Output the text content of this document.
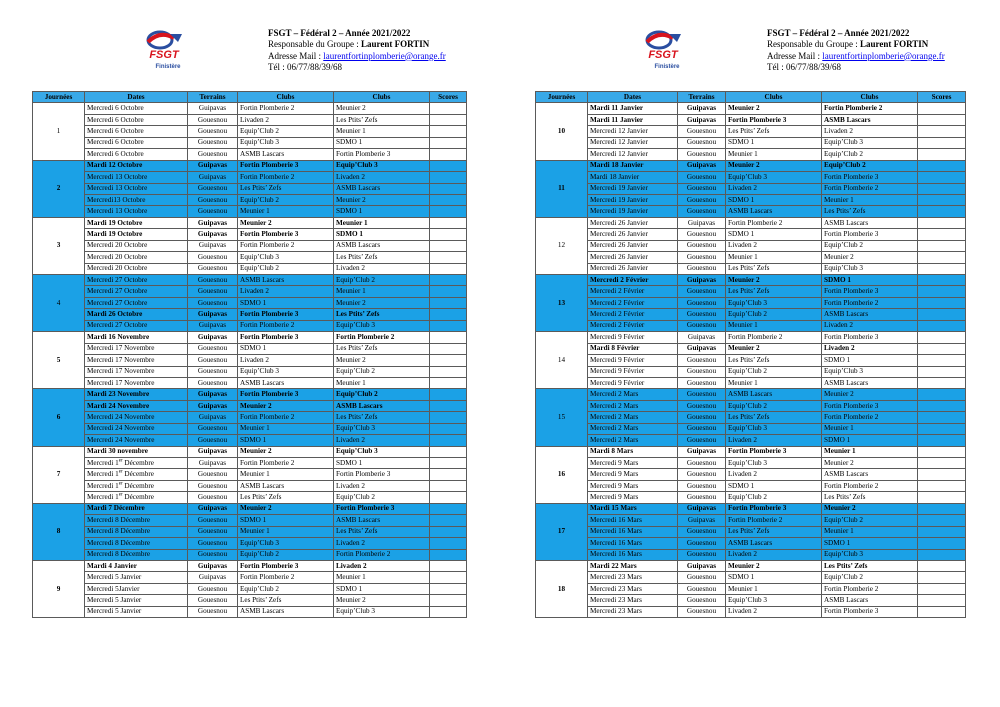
FSGT
Finistère
FSGT – Fédéral 2 – Année 2021/2022
Responsable du Groupe : Laurent FORTIN
Adresse Mail : laurentfortinplomberie@orange.fr
Tél : 06/77/88/39/68
Journées	Dates	Terrains	Clubs	Clubs	Scores
1	Mercredi 6 Octobre	Guipavas	Fortin Plomberie 2	Meunier 2	
	Mercredi 6 Octobre	Gouesnou	Livaden 2	Les Ptits’ Zefs	
	Mercredi 6 Octobre	Gouesnou	Equip’Club 2	Meunier 1	
	Mercredi 6 Octobre	Gouesnou	Equip’Club 3	SDMO 1	
	Mercredi 6 Octobre	Gouesnou	ASMB Lascars	Fortin Plomberie 3	
2	Mardi 12 Octobre	Guipavas	Fortin Plomberie 3	Equip’Club 3	
	Mercredi 13 Octobre	Guipavas	Fortin Plomberie 2	Livaden 2	
	Mercredi 13 Octobre	Gouesnou	Les Ptits’ Zefs	ASMB Lascars	
	Mercredi13 Octobre	Gouesnou	Equip’Club 2	Meunier 2	
	Mercredi 13 Octobre	Gouesnou	Meunier 1	SDMO 1	
3	Mardi 19 Octobre	Guipavas	Meunier 2	Meunier 1	
	Mardi 19 Octobre	Guipavas	Fortin Plomberie 3	SDMO 1	
	Mercredi 20 Octobre	Guipavas	Fortin Plomberie 2	ASMB Lascars	
	Mercredi 20 Octobre	Gouesnou	Equip’Club 3	Les Ptits’ Zefs	
	Mercredi 20 Octobre	Gouesnou	Equip’Club 2	Livaden 2	
4	Mercredi 27 Octobre	Gouesnou	ASMB Lascars	Equip’Club 2	
	Mercredi 27 Octobre	Gouesnou	Livaden 2	Meunier 1	
	Mercredi 27 Octobre	Gouesnou	SDMO 1	Meunier 2	
	Mardi 26 Octobre	Guipavas	Fortin Plomberie 3	Les Ptits’ Zefs	
	Mercredi 27 Octobre	Guipavas	Fortin Plomberie 2	Equip’Club 3	
5	Mardi 16 Novembre	Guipavas	Fortin Plomberie 3	Fortin Plomberie 2	
	Mercredi 17 Novembre	Gouesnou	SDMO 1	Les Ptits’ Zefs	
	Mercredi 17 Novembre	Gouesnou	Livaden 2	Meunier 2	
	Mercredi 17 Novembre	Gouesnou	Equip’Club 3	Equip’Club 2	
	Mercredi 17 Novembre	Gouesnou	ASMB Lascars	Meunier 1	
6	Mardi 23 Novembre	Guipavas	Fortin Plomberie 3	Equip’Club 2	
	Mardi 24 Novembre	Guipavas	Meunier 2	ASMB Lascars	
	Mercredi 24 Novembre	Guipavas	Fortin Plomberie 2	Les Ptits’ Zefs	
	Mercredi 24 Novembre	Gouesnou	Meunier 1	Equip’Club 3	
	Mercredi 24 Novembre	Gouesnou	SDMO 1	Livaden 2	
7	Mardi 30 novembre	Guipavas	Meunier 2	Equip’Club 3	
	Mercredi 1er Décembre	Guipavas	Fortin Plomberie 2	SDMO 1	
	Mercredi 1er Décembre	Gouesnou	Meunier 1	Fortin Plomberie 3	
	Mercredi 1er Décembre	Gouesnou	ASMB Lascars	Livaden 2	
	Mercredi 1er Décembre	Gouesnou	Les Ptits’ Zefs	Equip’Club 2	
8	Mardi 7 Décembre	Guipavas	Meunier 2	Fortin Plomberie 3	
	Mercredi 8 Décembre	Gouesnou	SDMO 1	ASMB Lascars	
	Mercredi 8 Décembre	Gouesnou	Meunier 1	Les Ptits’ Zefs	
	Mercredi 8 Décembre	Gouesnou	Equip’Club 3	Livaden 2	
	Mercredi 8 Décembre	Gouesnou	Equip’Club 2	Fortin Plomberie 2	
9	Mardi 4 Janvier	Guipavas	Fortin Plomberie 3	Livaden 2	
	Mercredi 5 Janvier	Guipavas	Fortin Plomberie 2	Meunier 1	
	Mercredi 5Janvier	Gouesnou	Equip’Club 2	SDMO 1	
	Mercredi 5 Janvier	Gouesnou	Les Ptits’ Zefs	Meunier 2	
	Mercredi 5 Janvier	Gouesnou	ASMB Lascars	Equip’Club 3	
FSGT
Finistère
FSGT – Fédéral 2 – Année 2021/2022
Responsable du Groupe : Laurent FORTIN
Adresse Mail : laurentfortinplomberie@orange.fr
Tél : 06/77/88/39/68
Journées	Dates	Terrains	Clubs	Clubs	Scores
10	Mardi 11 Janvier	Guipavas	Meunier 2	Fortin Plomberie 2	
	Mardi 11 Janvier	Guipavas	Fortin Plomberie 3	ASMB Lascars	
	Mercredi 12 Janvier	Gouesnou	Les Ptits’ Zefs	Livaden 2	
	Mercredi 12 Janvier	Gouesnou	SDMO 1	Equip’Club 3	
	Mercredi 12 Janvier	Gouesnou	Meunier 1	Equip’Club 2	
11	Mardi 18 Janvier	Guipavas	Meunier 2	Equip’Club 2	
	Mardi 18 Janvier	Gouesnou	Equip’Club 3	Fortin Plomberie 3	
	Mercredi 19 Janvier	Gouesnou	Livaden 2	Fortin Plomberie 2	
	Mercredi 19 Janvier	Gouesnou	SDMO 1	Meunier 1	
	Mercredi 19 Janvier	Gouesnou	ASMB Lascars	Les Ptits’ Zefs	
12	Mercredi 26 Janvier	Guipavas	Fortin Plomberie 2	ASMB Lascars	
	Mercredi 26 Janvier	Gouesnou	SDMO 1	Fortin Plomberie 3	
	Mercredi 26 Janvier	Gouesnou	Livaden 2	Equip’Club 2	
	Mercredi 26 Janvier	Gouesnou	Meunier 1	Meunier 2	
	Mercredi 26 Janvier	Gouesnou	Les Ptits’ Zefs	Equip’Club 3	
13	Mercredi 2 Février	Guipavas	Meunier 2	SDMO 1	
	Mercredi 2 Février	Gouesnou	Les Ptits’ Zefs	Fortin Plomberie 3	
	Mercredi 2 Février	Gouesnou	Equip’Club 3	Fortin Plomberie 2	
	Mercredi 2 Février	Gouesnou	Equip’Club 2	ASMB Lascars	
	Mercredi 2 Février	Gouesnou	Meunier 1	Livaden 2	
14	Mercredi 9 Février	Guipavas	Fortin Plomberie 2	Fortin Plomberie 3	
	Mardi 8 Février	Guipavas	Meunier 2	Livaden 2	
	Mercredi 9 Février	Gouesnou	Les Ptits’ Zefs	SDMO 1	
	Mercredi 9 Février	Gouesnou	Equip’Club 2	Equip’Club 3	
	Mercredi 9 Février	Gouesnou	Meunier 1	ASMB Lascars	
15	Mercredi 2 Mars	Gouesnou	ASMB Lascars	Meunier 2	
	Mercredi 2 Mars	Gouesnou	Equip’Club 2	Fortin Plomberie 3	
	Mercredi 2 Mars	Gouesnou	Les Ptits’ Zefs	Fortin Plomberie 2	
	Mercredi 2 Mars	Gouesnou	Equip’Club 3	Meunier 1	
	Mercredi 2 Mars	Gouesnou	Livaden 2	SDMO 1	
16	Mardi 8 Mars	Guipavas	Fortin Plomberie 3	Meunier 1	
	Mercredi 9 Mars	Gouesnou	Equip’Club 3	Meunier 2	
	Mercredi 9 Mars	Gouesnou	Livaden 2	ASMB Lascars	
	Mercredi 9 Mars	Gouesnou	SDMO 1	Fortin Plomberie 2	
	Mercredi 9 Mars	Gouesnou	Equip’Club 2	Les Ptits’ Zefs	
17	Mardi 15 Mars	Guipavas	Fortin Plomberie 3	Meunier 2	
	Mercredi 16 Mars	Guipavas	Fortin Plomberie 2	Equip’Club 2	
	Mercredi 16 Mars	Gouesnou	Les Ptits’ Zefs	Meunier 1	
	Mercredi 16 Mars	Gouesnou	ASMB Lascars	SDMO 1	
	Mercredi 16 Mars	Gouesnou	Livaden 2	Equip’Club 3	
18	Mardi 22 Mars	Guipavas	Meunier 2	Les Ptits’ Zefs	
	Mercredi 23 Mars	Gouesnou	SDMO 1	Equip’Club 2	
	Mercredi 23 Mars	Gouesnou	Meunier 1	Fortin Plomberie 2	
	Mercredi 23 Mars	Gouesnou	Equip’Club 3	ASMB Lascars	
	Mercredi 23 Mars	Gouesnou	Livaden 2	Fortin Plomberie 3	
